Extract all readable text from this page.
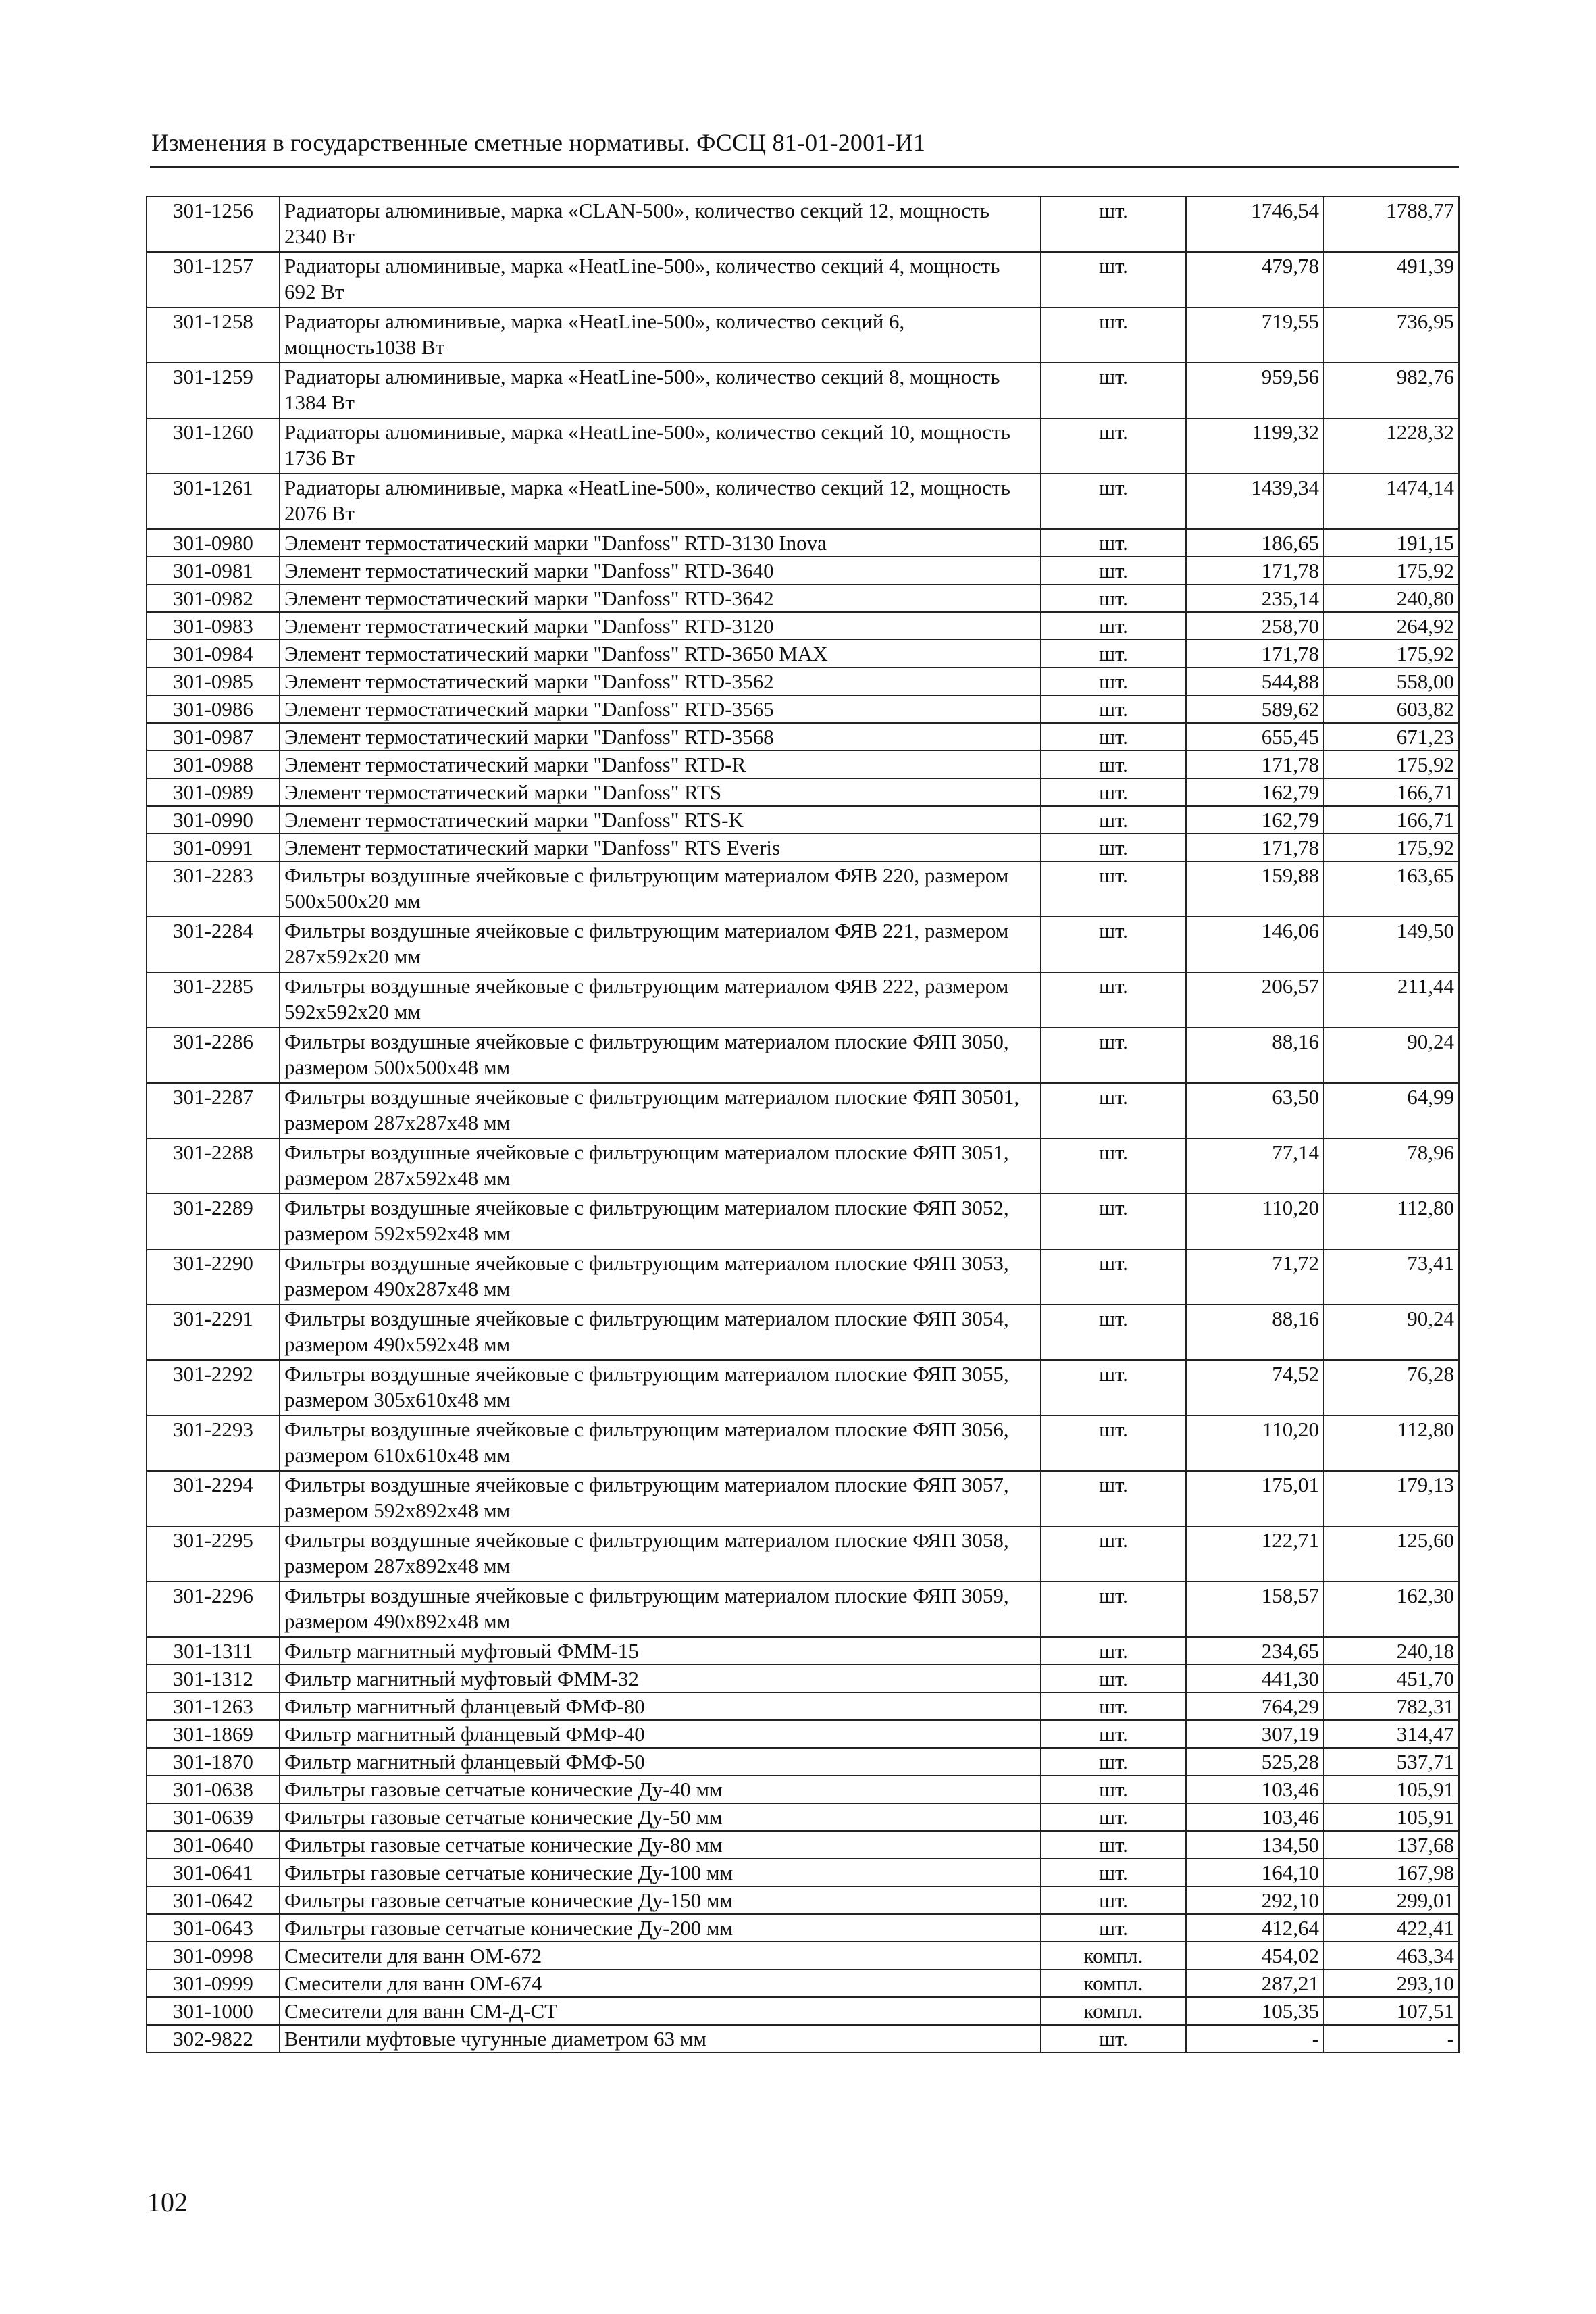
Изменения в государственные сметные нормативы. ФССЦ 81-01-2001-И1
301-1256	Радиаторы алюминивые, марка «CLAN-500», количество секций 12, мощность 2340 Вт	шт.	1746,54	1788,77
301-1257	Радиаторы алюминивые, марка «HeatLine-500», количество секций 4, мощность 692 Вт	шт.	479,78	491,39
301-1258	Радиаторы алюминивые, марка «HeatLine-500», количество секций 6, мощность1038 Вт	шт.	719,55	736,95
301-1259	Радиаторы алюминивые, марка «HeatLine-500», количество секций 8, мощность 1384 Вт	шт.	959,56	982,76
301-1260	Радиаторы алюминивые, марка «HeatLine-500», количество секций 10, мощность 1736 Вт	шт.	1199,32	1228,32
301-1261	Радиаторы алюминивые, марка «HeatLine-500», количество секций 12, мощность 2076 Вт	шт.	1439,34	1474,14
301-0980	Элемент термостатический марки "Danfoss" RTD-3130 Inova	шт.	186,65	191,15
301-0981	Элемент термостатический марки "Danfoss" RTD-3640	шт.	171,78	175,92
301-0982	Элемент термостатический марки "Danfoss" RTD-3642	шт.	235,14	240,80
301-0983	Элемент термостатический марки "Danfoss" RTD-3120	шт.	258,70	264,92
301-0984	Элемент термостатический марки "Danfoss" RTD-3650 MAX	шт.	171,78	175,92
301-0985	Элемент термостатический марки "Danfoss" RTD-3562	шт.	544,88	558,00
301-0986	Элемент термостатический марки "Danfoss" RTD-3565	шт.	589,62	603,82
301-0987	Элемент термостатический марки "Danfoss" RTD-3568	шт.	655,45	671,23
301-0988	Элемент термостатический марки "Danfoss" RTD-R	шт.	171,78	175,92
301-0989	Элемент термостатический марки "Danfoss" RTS	шт.	162,79	166,71
301-0990	Элемент термостатический марки "Danfoss" RTS-K	шт.	162,79	166,71
301-0991	Элемент термостатический марки "Danfoss" RTS Everis	шт.	171,78	175,92
301-2283	Фильтры воздушные ячейковые с фильтрующим материалом ФЯВ 220, размером 500х500х20 мм	шт.	159,88	163,65
301-2284	Фильтры воздушные ячейковые с фильтрующим материалом ФЯВ 221, размером 287х592х20 мм	шт.	146,06	149,50
301-2285	Фильтры воздушные ячейковые с фильтрующим материалом ФЯВ 222, размером 592х592х20 мм	шт.	206,57	211,44
301-2286	Фильтры воздушные ячейковые с фильтрующим материалом плоские ФЯП 3050, размером 500х500х48 мм	шт.	88,16	90,24
301-2287	Фильтры воздушные ячейковые с фильтрующим материалом плоские ФЯП 30501, размером 287х287х48 мм	шт.	63,50	64,99
301-2288	Фильтры воздушные ячейковые с фильтрующим материалом плоские ФЯП 3051, размером 287х592х48 мм	шт.	77,14	78,96
301-2289	Фильтры воздушные ячейковые с фильтрующим материалом плоские ФЯП 3052, размером 592х592х48 мм	шт.	110,20	112,80
301-2290	Фильтры воздушные ячейковые с фильтрующим материалом плоские ФЯП 3053, размером 490х287х48 мм	шт.	71,72	73,41
301-2291	Фильтры воздушные ячейковые с фильтрующим материалом плоские ФЯП 3054, размером 490х592х48 мм	шт.	88,16	90,24
301-2292	Фильтры воздушные ячейковые с фильтрующим материалом плоские ФЯП 3055, размером 305х610х48 мм	шт.	74,52	76,28
301-2293	Фильтры воздушные ячейковые с фильтрующим материалом плоские ФЯП 3056, размером 610х610х48 мм	шт.	110,20	112,80
301-2294	Фильтры воздушные ячейковые с фильтрующим материалом плоские ФЯП 3057, размером 592х892х48 мм	шт.	175,01	179,13
301-2295	Фильтры воздушные ячейковые с фильтрующим материалом плоские ФЯП 3058, размером 287х892х48 мм	шт.	122,71	125,60
301-2296	Фильтры воздушные ячейковые с фильтрующим материалом плоские ФЯП 3059, размером 490х892х48 мм	шт.	158,57	162,30
301-1311	Фильтр магнитный муфтовый ФММ-15	шт.	234,65	240,18
301-1312	Фильтр магнитный муфтовый ФММ-32	шт.	441,30	451,70
301-1263	Фильтр магнитный фланцевый ФМФ-80	шт.	764,29	782,31
301-1869	Фильтр магнитный фланцевый ФМФ-40	шт.	307,19	314,47
301-1870	Фильтр магнитный фланцевый ФМФ-50	шт.	525,28	537,71
301-0638	Фильтры газовые сетчатые конические Ду-40 мм	шт.	103,46	105,91
301-0639	Фильтры газовые сетчатые конические Ду-50 мм	шт.	103,46	105,91
301-0640	Фильтры газовые сетчатые конические Ду-80 мм	шт.	134,50	137,68
301-0641	Фильтры газовые сетчатые конические Ду-100 мм	шт.	164,10	167,98
301-0642	Фильтры газовые сетчатые конические Ду-150 мм	шт.	292,10	299,01
301-0643	Фильтры газовые сетчатые конические Ду-200 мм	шт.	412,64	422,41
301-0998	Смесители для ванн ОМ-672	компл.	454,02	463,34
301-0999	Смесители для ванн ОМ-674	компл.	287,21	293,10
301-1000	Смесители для ванн СМ-Д-СТ	компл.	105,35	107,51
302-9822	Вентили муфтовые чугунные диаметром 63 мм	шт.	-	-
102
